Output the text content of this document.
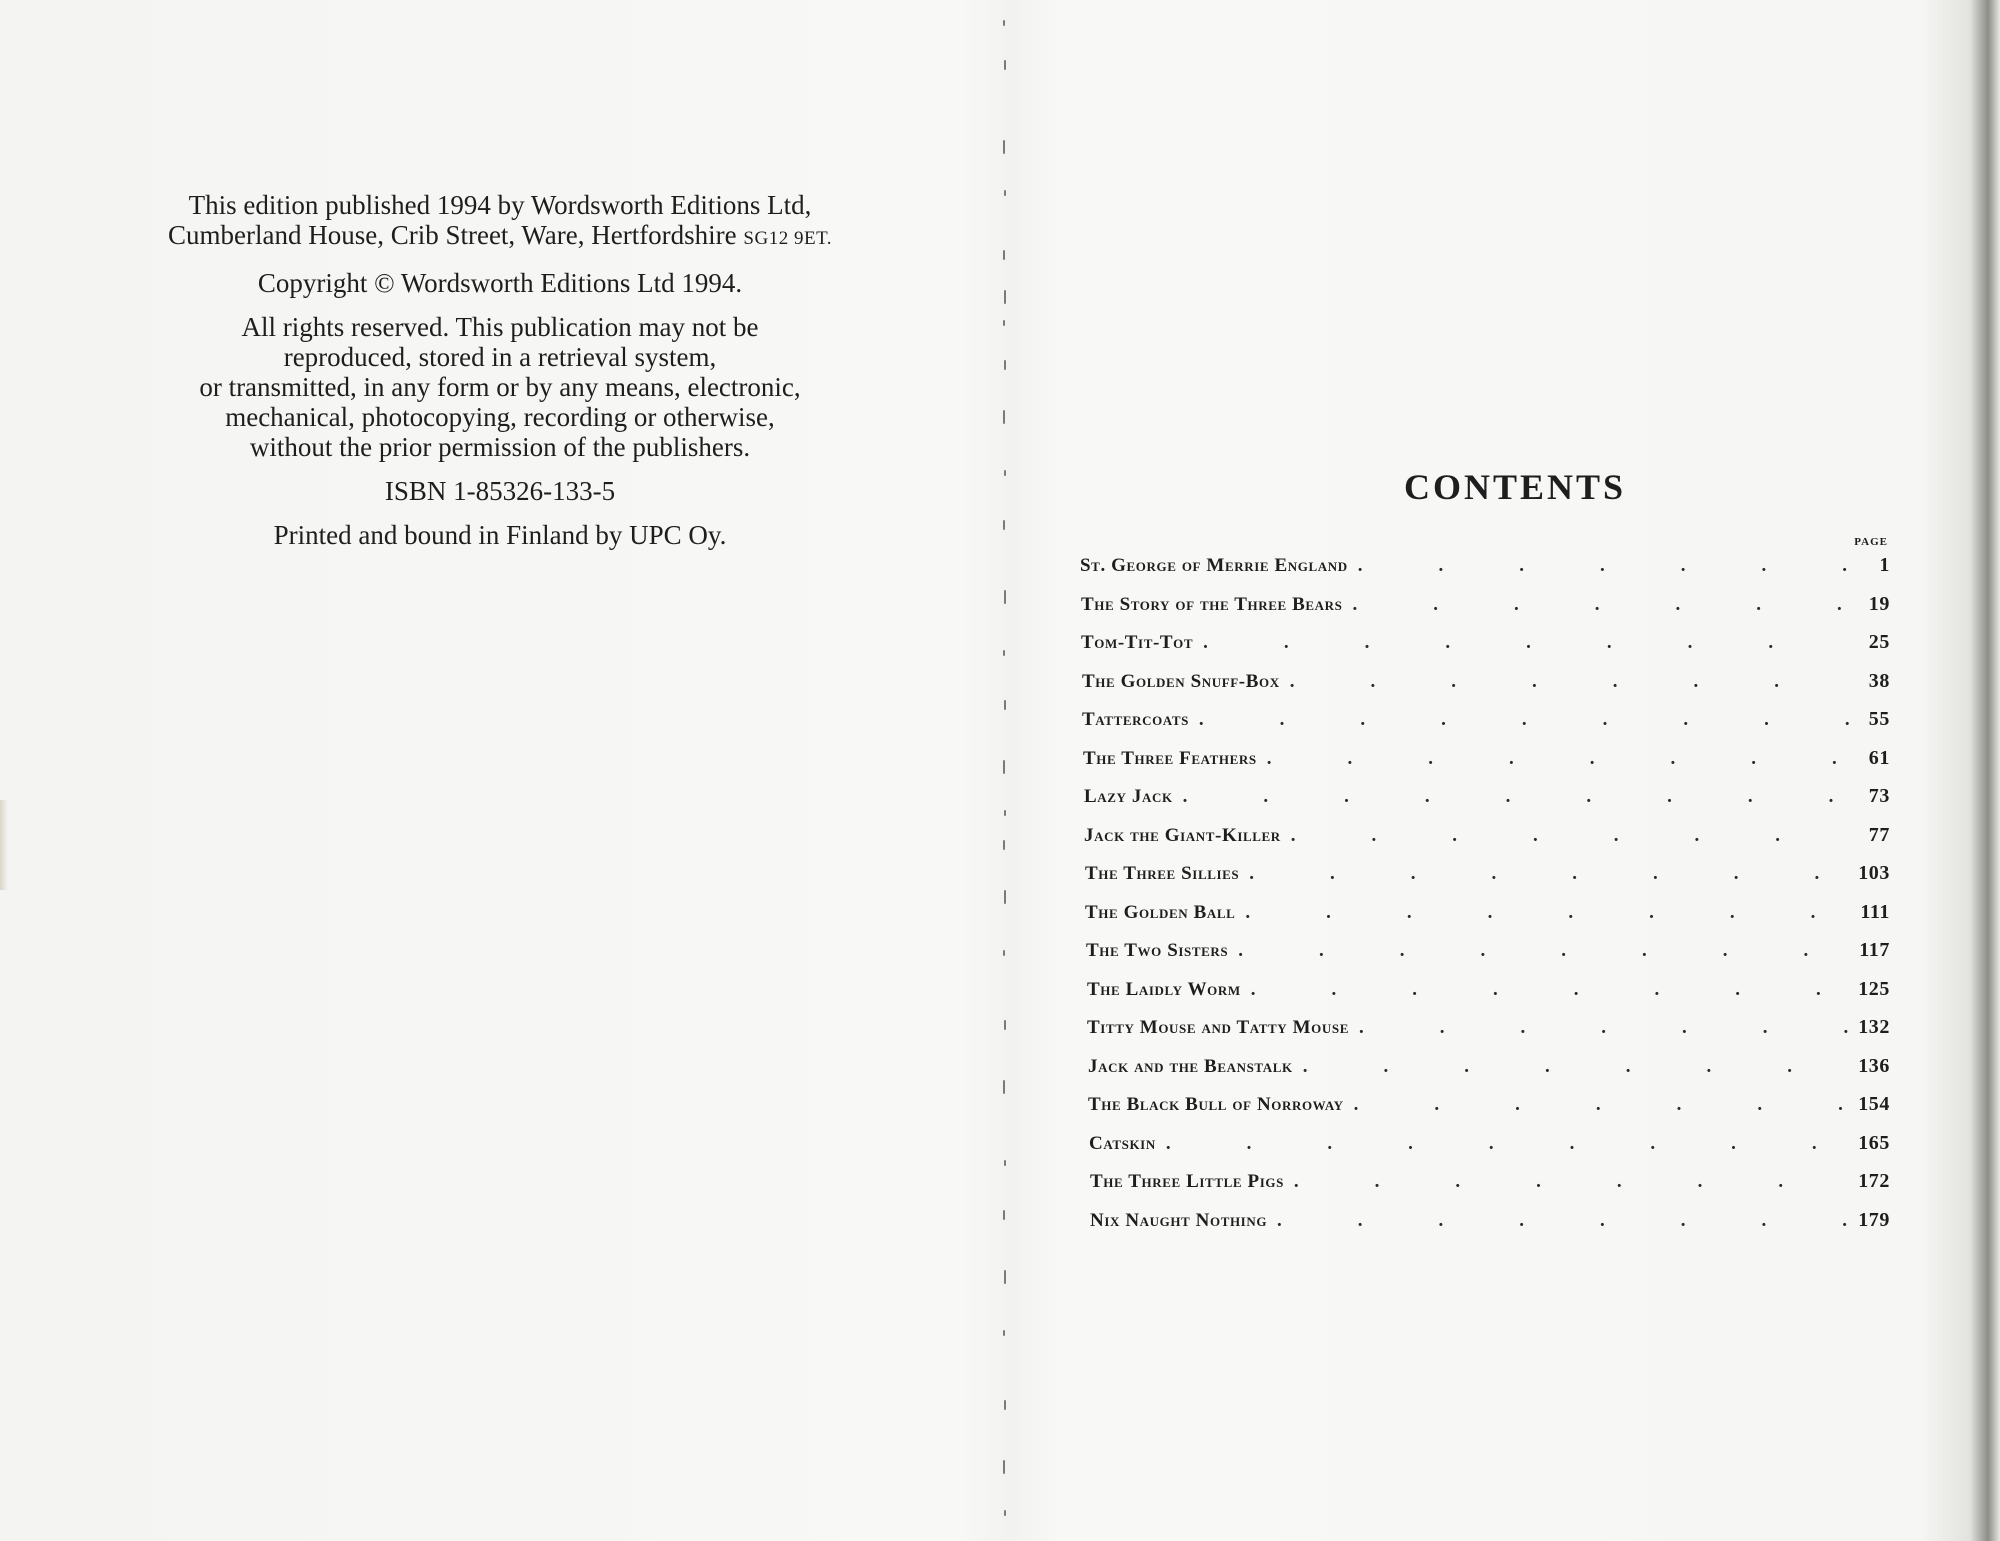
This edition published 1994 by Wordsworth Editions Ltd,
Cumberland House, Crib Street, Ware, Hertfordshire SG12 9ET.

Copyright © Wordsworth Editions Ltd 1994.

All rights reserved. This publication may not be
reproduced, stored in a retrieval system,
or transmitted, in any form or by any means, electronic,
mechanical, photocopying, recording or otherwise,
without the prior permission of the publishers.

ISBN 1-85326-133-5

Printed and bound in Finland by UPC Oy.

CONTENTS
PAGE
St. George of Merrie England .	1
The Story of the Three Bears .	19
Tom-Tit-Tot .	25
The Golden Snuff-Box .	38
Tattercoats .	55
The Three Feathers .	61
Lazy Jack .	73
Jack the Giant-Killer .	77
The Three Sillies .	103
The Golden Ball .	111
The Two Sisters .	117
The Laidly Worm .	125
Titty Mouse and Tatty Mouse .	132
Jack and the Beanstalk .	136
The Black Bull of Norroway .	154
Catskin .	165
The Three Little Pigs .	172
Nix Naught Nothing .	179
